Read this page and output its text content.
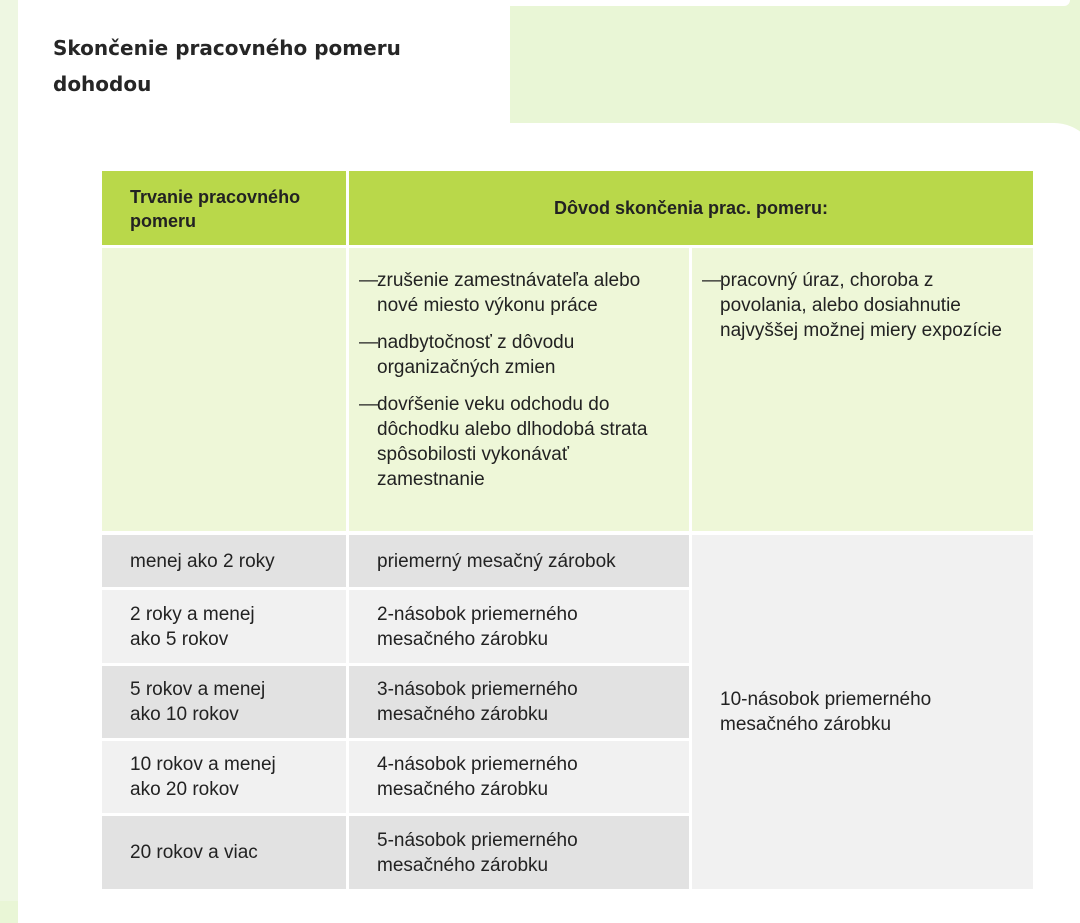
Skončenie pracovného pomeru dohodou
Trvanie pracovného pomeru
Dôvod skončenia prac. pomeru:
—
zrušenie zamestnávateľa alebo nové miesto výkonu práce
—
nadbytočnosť z dôvodu organizačných zmien
—
dovŕšenie veku odchodu do dôchodku alebo dlhodobá strata spôsobilosti vykonávať zamestnanie
—
pracovný úraz, choroba z povolania, alebo dosiahnutie najvyššej možnej miery expozície
menej ako 2 roky	priemerný mesačný zárobok
2 roky a menej ako 5 rokov
2-násobok priemerného mesačného zárobku
5 rokov a menej ako 10 rokov
3-násobok priemerného mesačného zárobku
10 rokov a menej ako 20 rokov
4-násobok priemerného mesačného zárobku
20 rokov a viac
5-násobok priemerného mesačného zárobku
10-násobok priemerného mesačného zárobku
